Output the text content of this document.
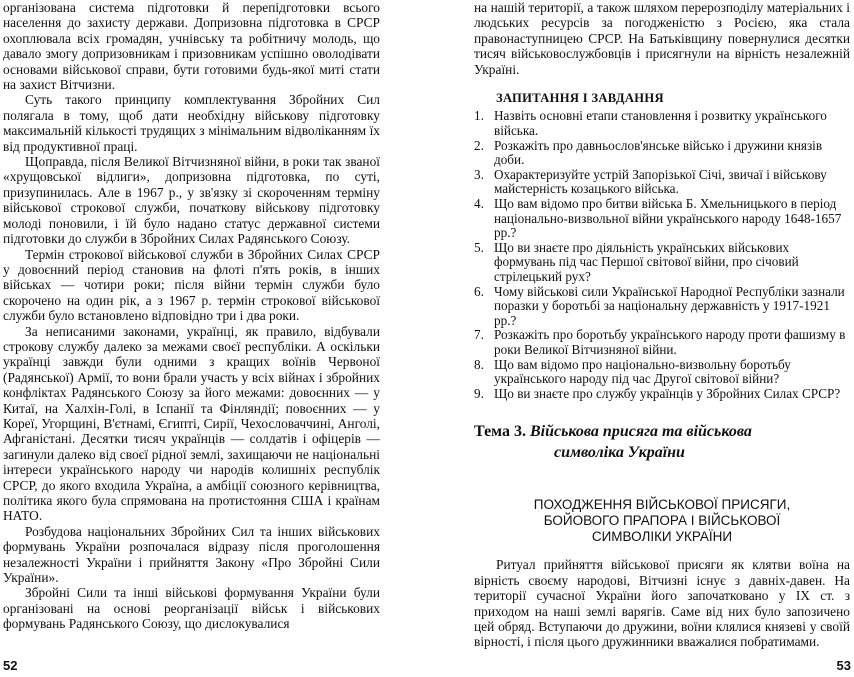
організована система підготовки й перепідготовки всього населення до захисту держави. Допризовна підготовка в СРСР охоплювала всіх громадян, учнівську та робітничу молодь, що давало змогу допризовникам і призовникам успішно оволодівати основами військової справи, бути готовими будь-якої миті стати на захист Вітчизни.

Суть такого принципу комплектування Збройних Сил полягала в тому, щоб дати необхідну військову підготовку максимальній кількості трудящих з мінімальним відволіканням їх від продуктивної праці.

Щоправда, після Великої Вітчизняної війни, в роки так званої «хрущовської відлиги», допризовна підготовка, по суті, призупинилась. Але в 1967 р., у зв'язку зі скороченням терміну військової строкової служби, початкову військову підготовку молоді поновили, і їй було надано статус державної системи підготовки до служби в Збройних Силах Радянського Союзу.

Термін строкової військової служби в Збройних Силах СРСР у довоєнний період становив на флоті п'ять років, в інших військах — чотири роки; після війни термін служби було скорочено на один рік, а з 1967 р. термін строкової військової служби було встановлено відповідно три і два роки.

За неписаними законами, українці, як правило, відбували строкову службу далеко за межами своєї республіки. А оскільки українці завжди були одними з кращих воїнів Червоної (Радянської) Армії, то вони брали участь у всіх війнах і збройних конфліктах Радянського Союзу за його межами: довоєнних — у Китаї, на Халхін-Голі, в Іспанії та Фінляндії; повоєнних — у Кореї, Угорщині, В'єтнамі, Єгипті, Сирії, Чехословаччині, Анголі, Афганістані. Десятки тисяч українців — солдатів і офіцерів — загинули далеко від своєї рідної землі, захищаючи не національні інтереси українського народу чи народів колишніх республік СРСР, до якого входила Україна, а амбіції союзного керівництва, політика якого була спрямована на протистояння США і країнам НАТО.

Розбудова національних Збройних Сил та інших військових формувань України розпочалася відразу після проголошення незалежності України і прийняття Закону «Про Збройні Сили України».

Збройні Сили та інші військові формування України були організовані на основі реорганізації військ і військових формувань Радянського Союзу, що дислокувалися

52

на нашій території, а також шляхом перерозподілу матеріальних і людських ресурсів за погодженістю з Росією, яка стала правонаступницею СРСР. На Батьківщину повернулися десятки тисяч військовослужбовців і присягнули на вірність незалежній Україні.

ЗАПИТАННЯ І ЗАВДАННЯ
1. Назвіть основні етапи становлення і розвитку українського війська.
2. Розкажіть про давньослов'янське військо і дружини князів доби.
3. Охарактеризуйте устрій Запорізької Січі, звичаї і військову майстерність козацького війська.
4. Що вам відомо про битви війська Б. Хмельницького в період національно-визвольної війни українського народу 1648-1657 pp.?
5. Що ви знаєте про діяльність українських військових формувань під час Першої світової війни, про січовий стрілецький рух?
6. Чому військові сили Української Народної Республіки зазнали поразки у боротьбі за національну державність у 1917-1921 pp.?
7. Розкажіть про боротьбу українського народу проти фашизму в роки Великої Вітчизняної війни.
8. Що вам відомо про національно-визвольну боротьбу українського народу під час Другої світової війни?
9. Що ви знаєте про службу українців у Збройних Силах СРСР?
Тема 3. Військова присяга та військова
символіка України
ПОХОДЖЕННЯ ВІЙСЬКОВОЇ ПРИСЯГИ,
БОЙОВОГО ПРАПОРА І ВІЙСЬКОВОЇ
СИМВОЛІКИ УКРАЇНИ

Ритуал прийняття військової присяги як клятви воїна на вірність своєму народові, Вітчизні існує з давніх-давен. На території сучасної України його започатковано у IX ст. з приходом на наші землі варягів. Саме від них було запозичено цей обряд. Вступаючи до дружини, воїни клялися князеві у своїй вірності, і після цього дружинники вважалися побратимами.

53
